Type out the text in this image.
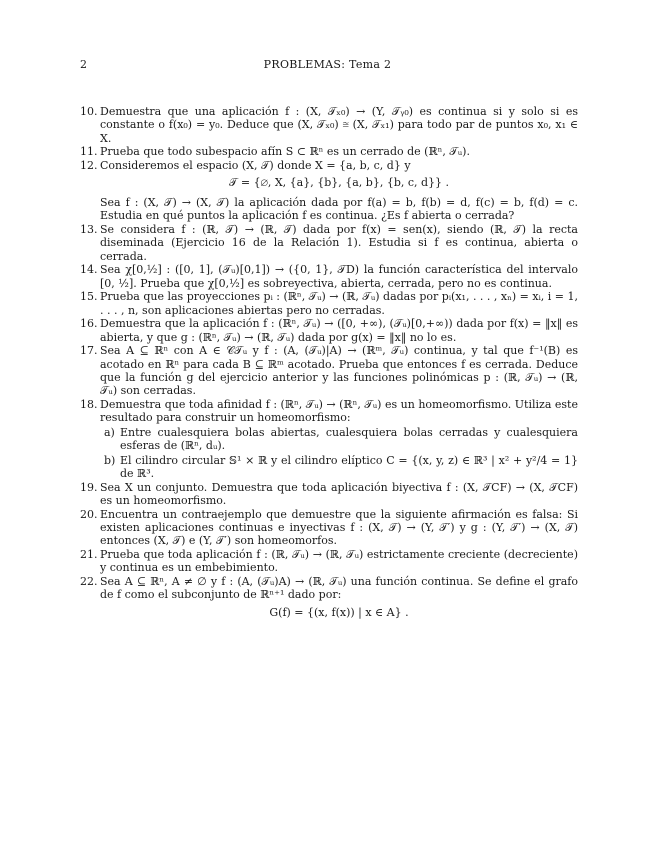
2	PROBLEMAS: Tema 2
10. Demuestra que una aplicación f : (X, 𝒯ₓ₀) → (Y, 𝒯ᵧ₀) es continua si y solo si es constante o f(x₀) = y₀. Deduce que (X, 𝒯ₓ₀) ≅ (X, 𝒯ₓ₁) para todo par de puntos x₀, x₁ ∈ X.
11. Prueba que todo subespacio afín S ⊂ ℝⁿ es un cerrado de (ℝⁿ, 𝒯ᵤ).
12. Consideremos el espacio (X, 𝒯) donde X = {a, b, c, d} y
𝒯 = {∅, X, {a}, {b}, {a, b}, {b, c, d}} .
Sea f : (X, 𝒯) → (X, 𝒯) la aplicación dada por f(a) = b, f(b) = d, f(c) = b, f(d) = c. Estudia en qué puntos la aplicación f es continua. ¿Es f abierta o cerrada?
13. Se considera f : (ℝ, 𝒯) → (ℝ, 𝒯) dada por f(x) = sen(x), siendo (ℝ, 𝒯) la recta diseminada (Ejercicio 16 de la Relación 1). Estudia si f es continua, abierta o cerrada.
14. Sea χ[0,½] : ([0, 1], (𝒯ᵤ)[0,1]) → ({0, 1}, 𝒯D) la función característica del intervalo [0, ½]. Prueba que χ[0,½] es sobreyectiva, abierta, cerrada, pero no es continua.
15. Prueba que las proyecciones pᵢ : (ℝⁿ, 𝒯ᵤ) → (ℝ, 𝒯ᵤ) dadas por pᵢ(x₁, . . . , xₙ) = xᵢ, i = 1, . . . , n, son aplicaciones abiertas pero no cerradas.
16. Demuestra que la aplicación f : (ℝⁿ, 𝒯ᵤ) → ([0, +∞), (𝒯ᵤ)[0,+∞)) dada por f(x) = ‖x‖ es abierta, y que g : (ℝⁿ, 𝒯ᵤ) → (ℝ, 𝒯ᵤ) dada por g(x) = ‖x‖ no lo es.
17. Sea A ⊆ ℝⁿ con A ∈ 𝒞𝒯ᵤ y f : (A, (𝒯ᵤ)|A) → (ℝᵐ, 𝒯ᵤ) continua, y tal que f⁻¹(B) es acotado en ℝⁿ para cada B ⊆ ℝᵐ acotado. Prueba que entonces f es cerrada. Deduce que la función g del ejercicio anterior y las funciones polinómicas p : (ℝ, 𝒯ᵤ) → (ℝ, 𝒯ᵤ) son cerradas.
18. Demuestra que toda afinidad f : (ℝⁿ, 𝒯ᵤ) → (ℝⁿ, 𝒯ᵤ) es un homeomorfismo. Utiliza este resultado para construir un homeomorfismo:
a) Entre cualesquiera bolas abiertas, cualesquiera bolas cerradas y cualesquiera esferas de (ℝⁿ, dᵤ).
b) El cilindro circular 𝕊¹ × ℝ y el cilindro elíptico C = {(x, y, z) ∈ ℝ³ | x² + y²/4 = 1} de ℝ³.
19. Sea X un conjunto. Demuestra que toda aplicación biyectiva f : (X, 𝒯CF) → (X, 𝒯CF) es un homeomorfismo.
20. Encuentra un contraejemplo que demuestre que la siguiente afirmación es falsa: Si existen aplicaciones continuas e inyectivas f : (X, 𝒯) → (Y, 𝒯′) y g : (Y, 𝒯′) → (X, 𝒯) entonces (X, 𝒯) e (Y, 𝒯′) son homeomorfos.
21. Prueba que toda aplicación f : (ℝ, 𝒯ᵤ) → (ℝ, 𝒯ᵤ) estrictamente creciente (decreciente) y continua es un embebimiento.
22. Sea A ⊆ ℝⁿ, A ≠ ∅ y f : (A, (𝒯ᵤ)A) → (ℝ, 𝒯ᵤ) una función continua. Se define el grafo de f como el subconjunto de ℝⁿ⁺¹ dado por:
G(f) = {(x, f(x)) | x ∈ A} .
